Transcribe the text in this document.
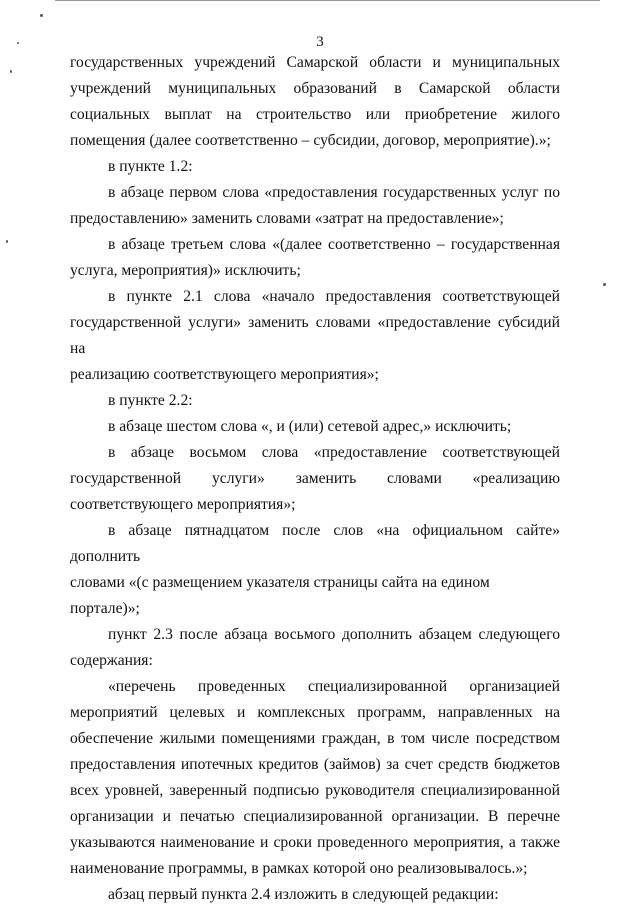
3
государственных учреждений Самарской области и муниципальных
учреждений муниципальных образований в Самарской области
социальных выплат на строительство или приобретение жилого
помещения (далее соответственно – субсидии, договор, мероприятие).»;
в пункте 1.2:
в абзаце первом слова «предоставления государственных услуг по
предоставлению» заменить словами «затрат на предоставление»;
в абзаце третьем слова «(далее соответственно – государственная
услуга, мероприятия)» исключить;
в пункте 2.1 слова «начало предоставления соответствующей
государственной услуги» заменить словами «предоставление субсидий на
реализацию соответствующего мероприятия»;
в пункте 2.2:
в абзаце шестом слова «, и (или) сетевой адрес,» исключить;
в абзаце восьмом слова «предоставление соответствующей
государственной услуги» заменить словами «реализацию
соответствующего мероприятия»;
в абзаце пятнадцатом после слов «на официальном сайте» дополнить
словами «(с размещением указателя страницы сайта на едином портале)»;
пункт 2.3 после абзаца восьмого дополнить абзацем следующего
содержания:
«перечень проведенных специализированной организацией
мероприятий целевых и комплексных программ, направленных на
обеспечение жилыми помещениями граждан, в том числе посредством
предоставления ипотечных кредитов (займов) за счет средств бюджетов
всех уровней, заверенный подписью руководителя специализированной
организации и печатью специализированной организации. В перечне
указываются наименование и сроки проведенного мероприятия, а также
наименование программы, в рамках которой оно реализовывалось.»;
абзац первый пункта 2.4 изложить в следующей редакции:
